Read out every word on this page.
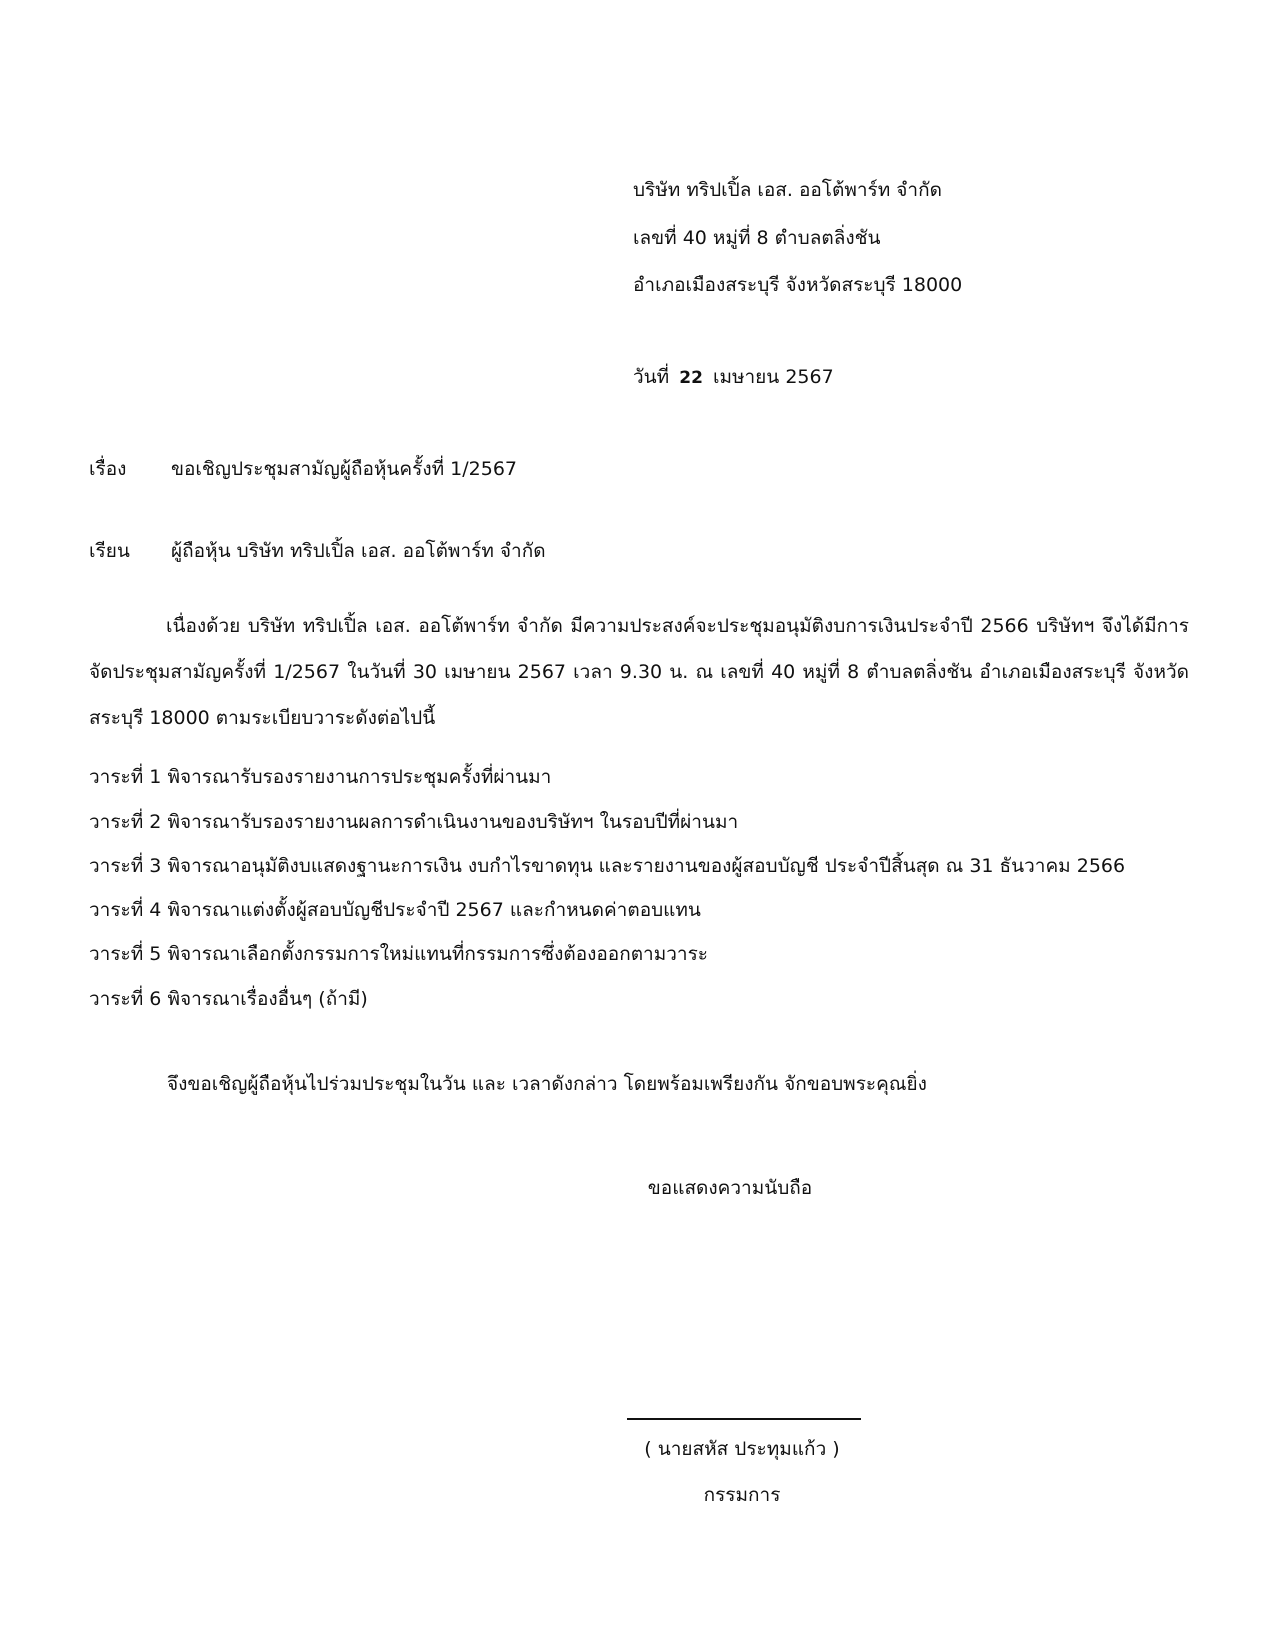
บริษัท ทริปเปิ้ล เอส. ออโต้พาร์ท จำกัด
เลขที่ 40 หมู่ที่ 8 ตำบลตลิ่งชัน
อำเภอเมืองสระบุรี จังหวัดสระบุรี 18000
วันที่ 22 เมษายน 2567
เรื่อง ขอเชิญประชุมสามัญผู้ถือหุ้นครั้งที่ 1/2567
เรียน ผู้ถือหุ้น บริษัท ทริปเปิ้ล เอส. ออโต้พาร์ท จำกัด
เนื่องด้วย บริษัท ทริปเปิ้ล เอส. ออโต้พาร์ท จำกัด มีความประสงค์จะประชุมอนุมัติงบการเงินประจำปี 2566 บริษัทฯ จึงได้มีการจัดประชุมสามัญครั้งที่ 1/2567 ในวันที่ 30 เมษายน 2567 เวลา 9.30 น. ณ เลขที่ 40 หมู่ที่ 8 ตำบลตลิ่งชัน อำเภอเมืองสระบุรี จังหวัดสระบุรี 18000 ตามระเบียบวาระดังต่อไปนี้
วาระที่ 1 พิจารณารับรองรายงานการประชุมครั้งที่ผ่านมา
วาระที่ 2 พิจารณารับรองรายงานผลการดำเนินงานของบริษัทฯ ในรอบปีที่ผ่านมา
วาระที่ 3 พิจารณาอนุมัติงบแสดงฐานะการเงิน งบกำไรขาดทุน และรายงานของผู้สอบบัญชี ประจำปีสิ้นสุด ณ 31 ธันวาคม 2566
วาระที่ 4 พิจารณาแต่งตั้งผู้สอบบัญชีประจำปี 2567 และกำหนดค่าตอบแทน
วาระที่ 5 พิจารณาเลือกตั้งกรรมการใหม่แทนที่กรรมการซึ่งต้องออกตามวาระ
วาระที่ 6 พิจารณาเรื่องอื่นๆ (ถ้ามี)
จึงขอเชิญผู้ถือหุ้นไปร่วมประชุมในวัน และ เวลาดังกล่าว โดยพร้อมเพรียงกัน จักขอบพระคุณยิ่ง
ขอแสดงความนับถือ
( นายสหัส ประทุมแก้ว )
กรรมการ
